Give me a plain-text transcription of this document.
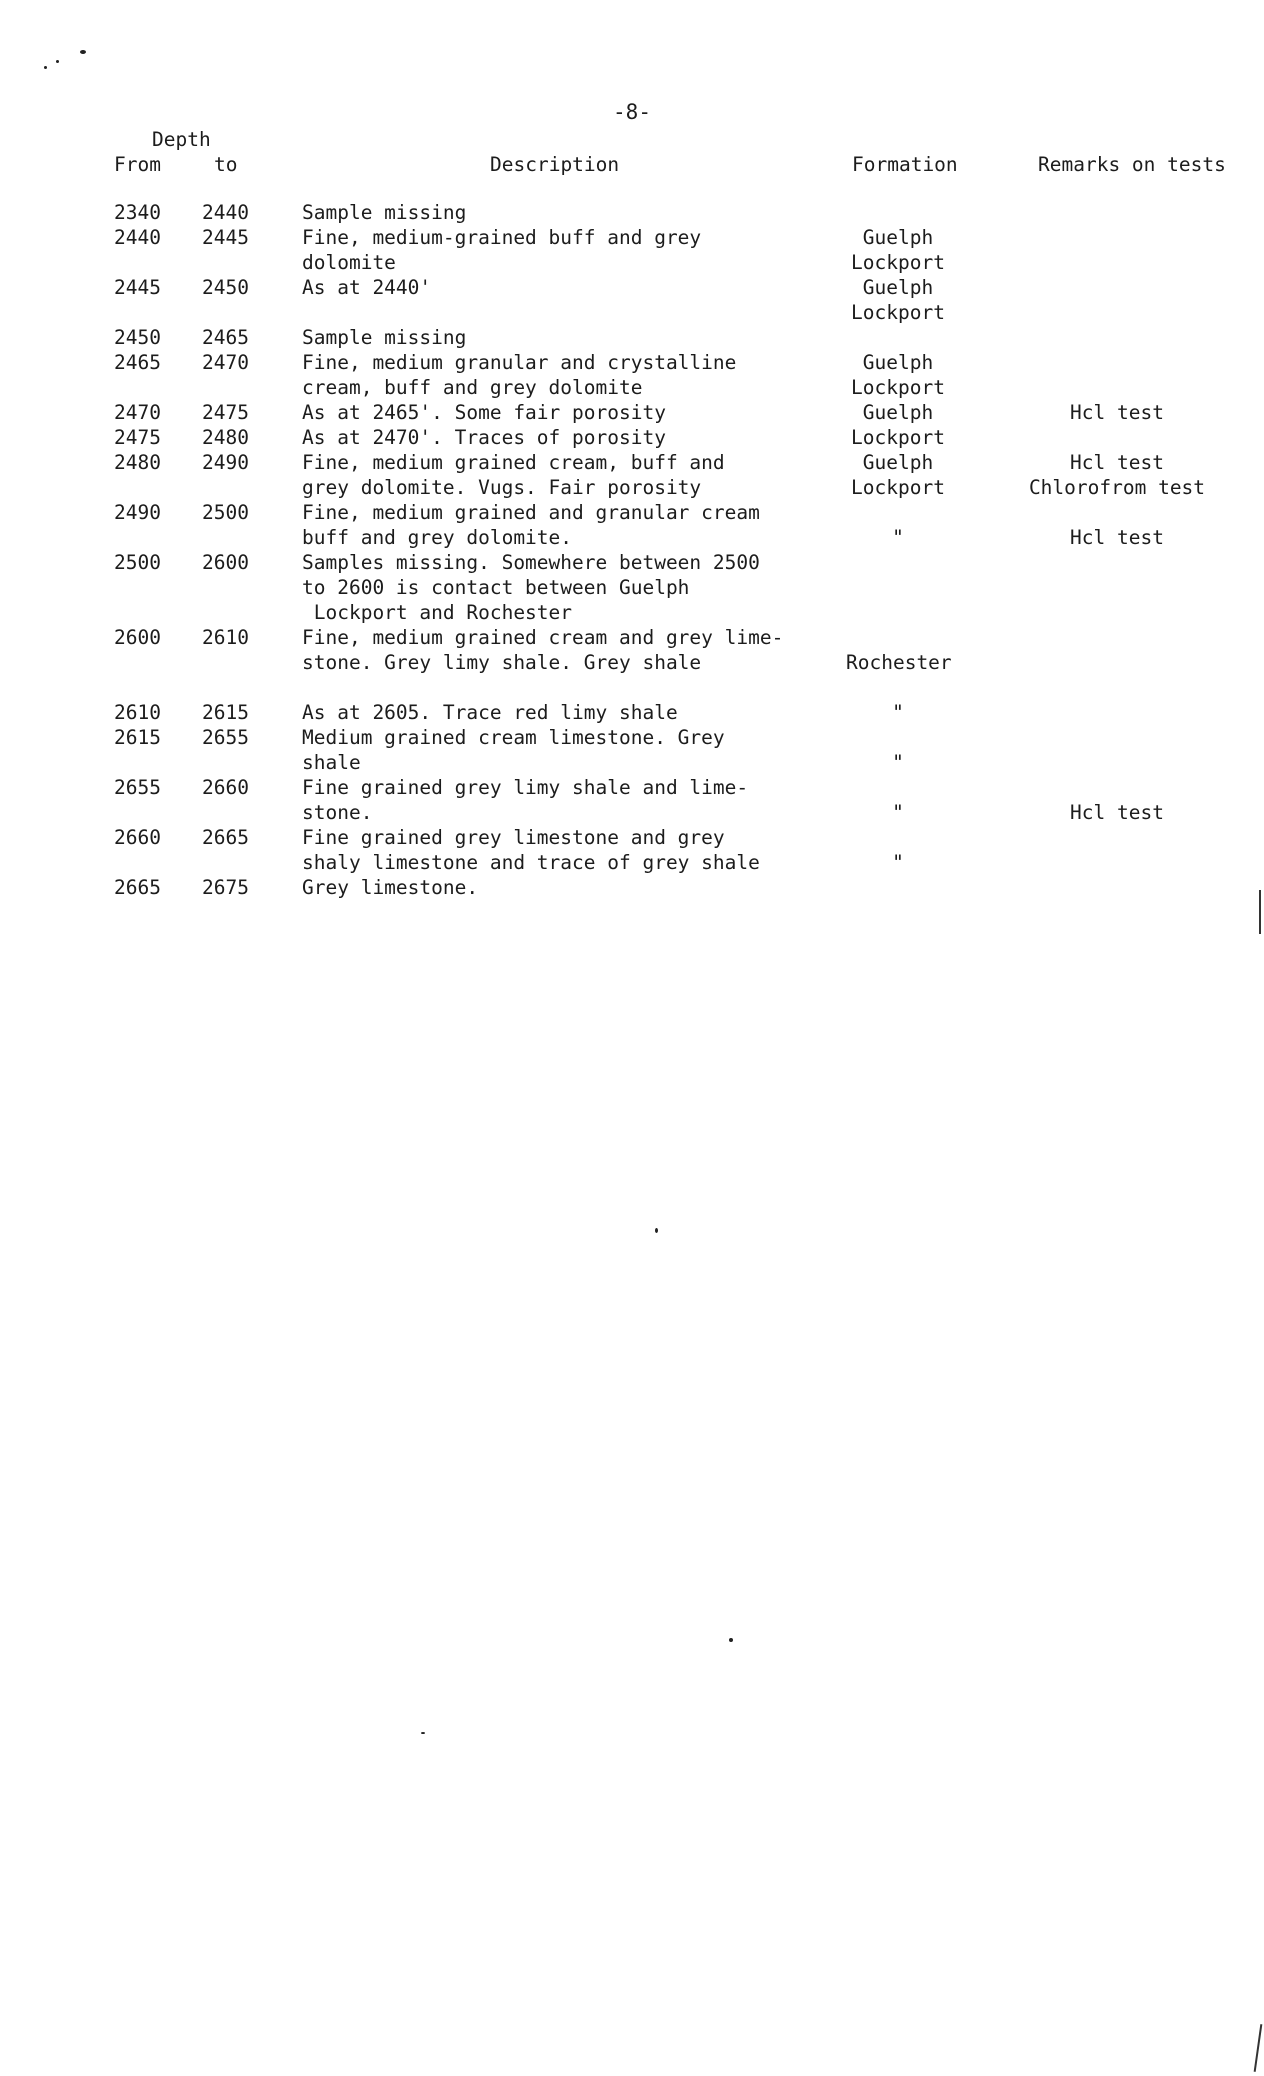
-8-
Depth
From	to	Description	Formation	Remarks on tests
2340 2440	Sample missing
2440 2445	Fine, medium-grained buff and grey	Guelph
dolomite	Lockport
2445 2450	As at 2440'	Guelph
Lockport
2450 2465	Sample missing
2465 2470	Fine, medium granular and crystalline	Guelph
cream, buff and grey dolomite	Lockport
2470 2475	As at 2465'. Some fair porosity	Guelph	Hcl test
2475 2480	As at 2470'. Traces of porosity	Lockport
2480 2490	Fine, medium grained cream, buff and	Guelph	Hcl test
grey dolomite. Vugs. Fair porosity	Lockport	Chlorofrom test
2490 2500	Fine, medium grained and granular cream
buff and grey dolomite.	"	Hcl test
2500 2600	Samples missing. Somewhere between 2500
to 2600 is contact between Guelph
Lockport and Rochester
2600 2610	Fine, medium grained cream and grey lime-
stone. Grey limy shale. Grey shale	Rochester
2610 2615	As at 2605. Trace red limy shale	"
2615 2655	Medium grained cream limestone. Grey
shale	"
2655 2660	Fine grained grey limy shale and lime-
stone.	"	Hcl test
2660 2665	Fine grained grey limestone and grey
shaly limestone and trace of grey shale	"
2665 2675	Grey limestone.
